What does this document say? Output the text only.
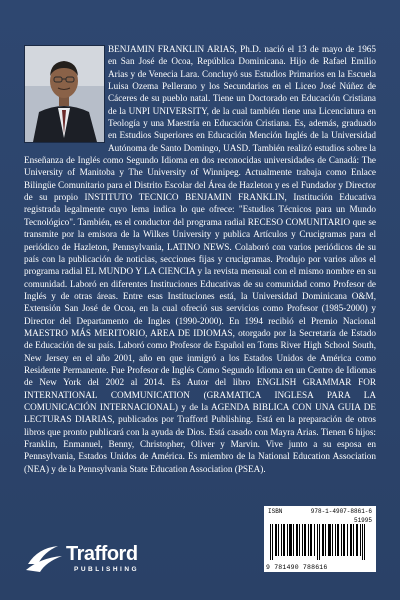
BENJAMIN FRANKLIN ARIAS, Ph.D. nació el 13 de mayo de 1965 en San José de Ocoa, República Dominicana. Hijo de Rafael Emilio Arias y de Venecia Lara. Concluyó sus Estudios Primarios en la Escuela Luisa Ozema Pellerano y los Secundarios en el Liceo José Núñez de Cáceres de su pueblo natal. Tiene un Doctorado en Educación Cristiana de la UNPI UNIVERSITY, de la cual también tiene una Licenciatura en Teología y una Maestría en Educación Cristiana. Es, además, graduado en Estudios Superiores en Educación Mención Inglés de la Universidad Autónoma de Santo Domingo, UASD. También realizó estudios sobre la Enseñanza de Inglés como Segundo Idioma en dos reconocidas universidades de Canadá: The University of Manitoba y The University of Winnipeg. Actualmente trabaja como Enlace Bilingüe Comunitario para el Distrito Escolar del Área de Hazleton y es el Fundador y Director de su propio INSTITUTO TECNICO BENJAMIN FRANKLIN, Institución Educativa registrada legalmente cuyo lema indica lo que ofrece: "Estudios Técnicos para un Mundo Tecnológico". También, es el conductor del programa radial RECESO COMUNITARIO que se transmite por la emisora de la Wilkes University y publica Artículos y Crucigramas para el periódico de Hazleton, Pennsylvania, LATINO NEWS. Colaboró con varios periódicos de su país con la publicación de noticias, secciones fijas y crucigramas. Produjo por varios años el programa radial EL MUNDO Y LA CIENCIA y la revista mensual con el mismo nombre en su comunidad. Laboró en diferentes Instituciones Educativas de su comunidad como Profesor de Inglés y de otras áreas. Entre esas Instituciones está, la Universidad Dominicana O&M, Extensión San José de Ocoa, en la cual ofreció sus servicios como Profesor (1985-2000) y Director del Departamento de Ingles (1990-2000). En 1994 recibió el Premio Nacional MAESTRO MÁS MERITORIO, AREA DE IDIOMAS, otorgado por la Secretaría de Estado de Educación de su país. Laboró como Profesor de Español en Toms River High School South, New Jersey en el año 2001, año en que inmigró a los Estados Unidos de América como Residente Permanente. Fue Profesor de Inglés Como Segundo Idioma en un Centro de Idiomas de New York del 2002 al 2014. Es Autor del libro ENGLISH GRAMMAR FOR INTERNATIONAL COMMUNICATION (GRAMATICA INGLESA PARA LA COMUNICACIÓN INTERNACIONAL) y de la AGENDA BIBLICA CON UNA GUIA DE LECTURAS DIARIAS, publicados por Trafford Publishing. Está en la preparación de otros libros que pronto publicará con la ayuda de Dios. Está casado con Mayra Arias. Tienen 6 hijos: Franklin, Enmanuel, Benny, Christopher, Oliver y Marvin. Vive junto a su esposa en Pennsylvania, Estados Unidos de América. Es miembro de la National Education Association (NEA) y de la Pennsylvania State Education Association (PSEA).

ISBN	978-1-4907-8861-6
51995
9 781490 788616
Trafford
PUBLISHING
